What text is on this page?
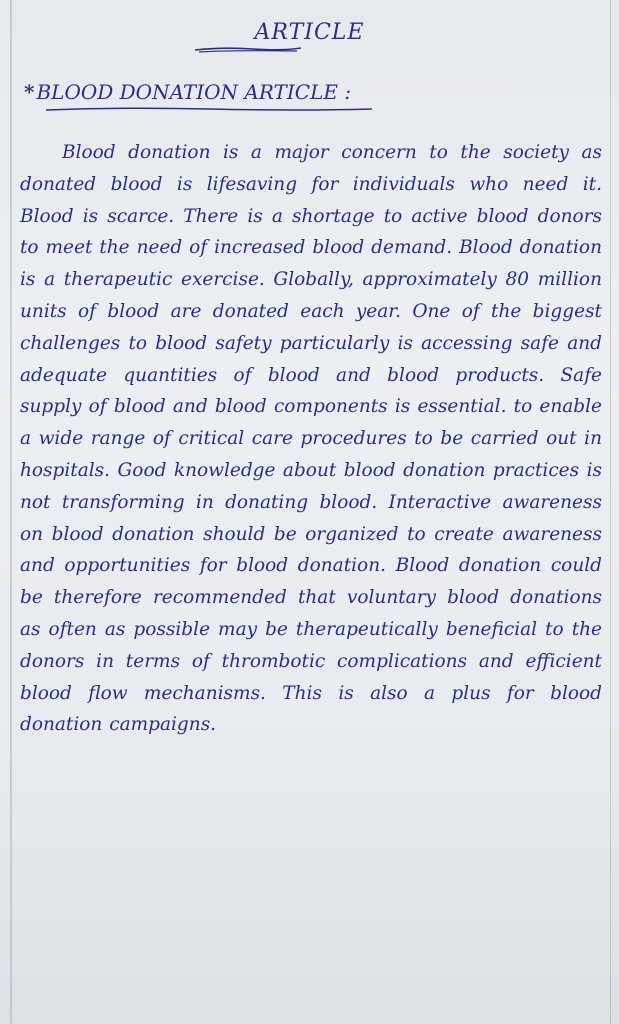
ARTICLE
* BLOOD DONATION ARTICLE :

Blood donation is a major concern to the society as donated blood is lifesaving for individuals who need it. Blood is scarce. There is a shortage to active blood donors to meet the need of increased blood demand. Blood donation is a therapeutic exercise. Globally, approximately 80 million units of blood are donated each year. One of the biggest challenges to blood safety particularly is accessing safe and adequate quantities of blood and blood products. Safe supply of blood and blood components is essential. to enable a wide range of critical care procedures to be carried out in hospitals. Good knowledge about blood donation practices is not transforming in donating blood. Interactive awareness on blood donation should be organized to create awareness and opportunities for blood donation. Blood donation could be therefore recommended that voluntary blood donations as often as possible may be therapeutically beneficial to the donors in terms of thrombotic complications and efficient blood flow mechanisms. This is also a plus for blood donation campaigns.
